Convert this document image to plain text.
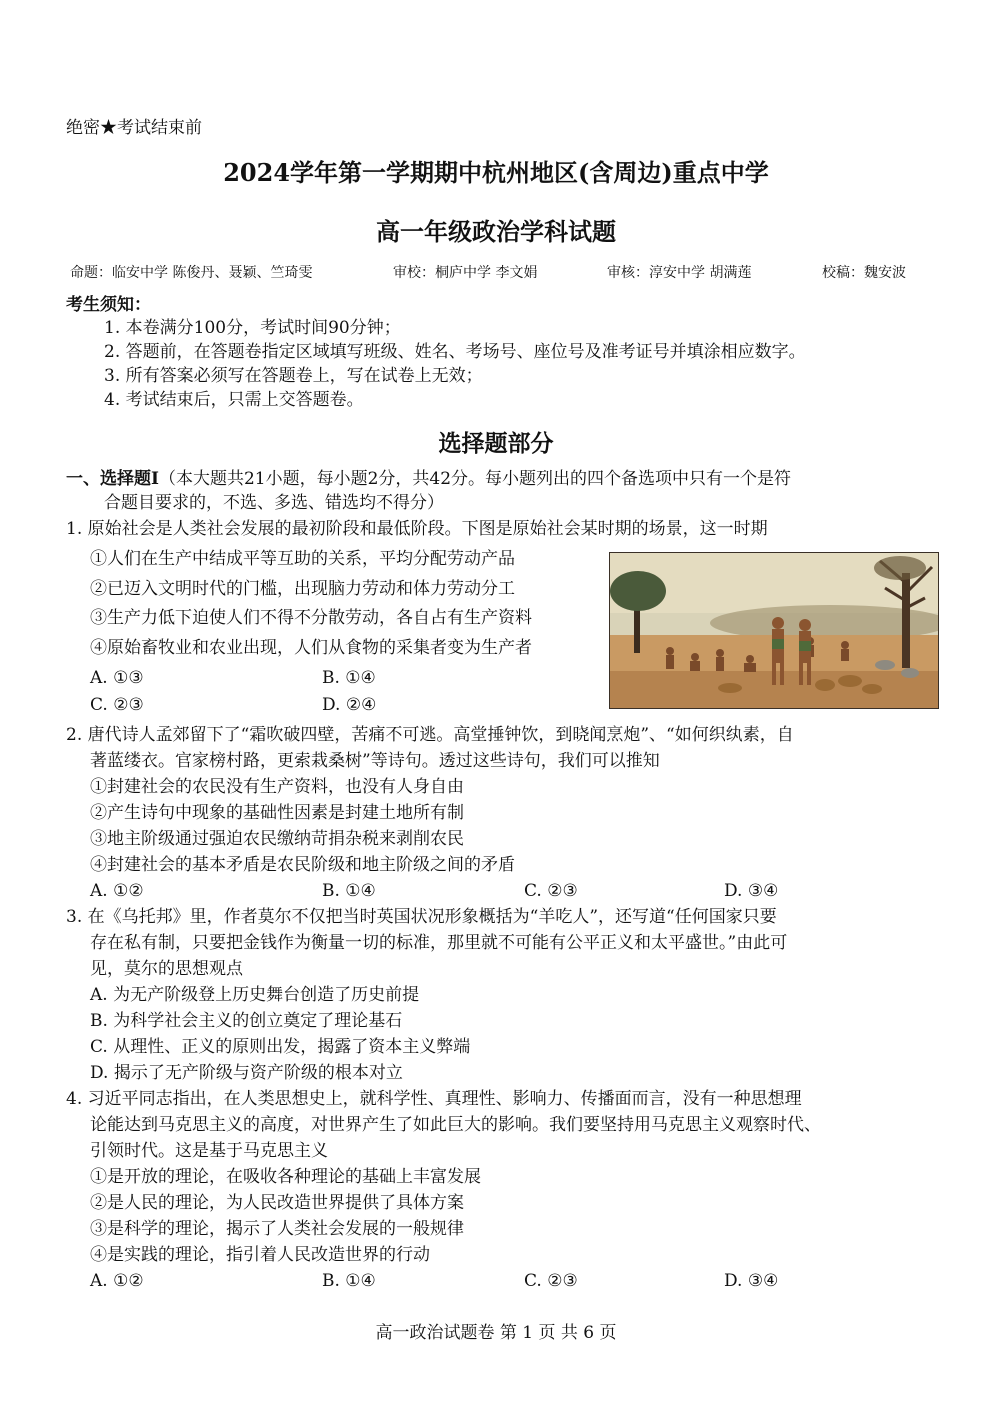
绝密★考试结束前
2024学年第一学期期中杭州地区(含周边)重点中学
高一年级政治学科试题
命题：临安中学 陈俊丹、聂颖、竺琦雯	审校：桐庐中学 李文娟	审核：淳安中学 胡满莲	校稿：魏安波
考生须知：
1. 本卷满分100分，考试时间90分钟；
2. 答题前，在答题卷指定区域填写班级、姓名、考场号、座位号及准考证号并填涂相应数字。
3. 所有答案必须写在答题卷上，写在试卷上无效；
4. 考试结束后，只需上交答题卷。
选择题部分
一、选择题Ⅰ（本大题共21小题，每小题2分，共42分。每小题列出的四个备选项中只有一个是符
合题目要求的，不选、多选、错选均不得分）
1. 原始社会是人类社会发展的最初阶段和最低阶段。下图是原始社会某时期的场景，这一时期
①人们在生产中结成平等互助的关系，平均分配劳动产品
②已迈入文明时代的门槛，出现脑力劳动和体力劳动分工
③生产力低下迫使人们不得不分散劳动，各自占有生产资料
④原始畜牧业和农业出现，人们从食物的采集者变为生产者
A. ①③	B. ①④
C. ②③	D. ②④
2. 唐代诗人孟郊留下了“霜吹破四壁，苦痛不可逃。高堂捶钟饮，到晓闻烹炮”、“如何织纨素，自
著蓝缕衣。官家榜村路，更索栽桑树”等诗句。透过这些诗句，我们可以推知
①封建社会的农民没有生产资料，也没有人身自由
②产生诗句中现象的基础性因素是封建土地所有制
③地主阶级通过强迫农民缴纳苛捐杂税来剥削农民
④封建社会的基本矛盾是农民阶级和地主阶级之间的矛盾
A. ①②	B. ①④	C. ②③	D. ③④
3. 在《乌托邦》里，作者莫尔不仅把当时英国状况形象概括为“羊吃人”，还写道“任何国家只要
存在私有制，只要把金钱作为衡量一切的标准，那里就不可能有公平正义和太平盛世。”由此可
见，莫尔的思想观点
A. 为无产阶级登上历史舞台创造了历史前提
B. 为科学社会主义的创立奠定了理论基石
C. 从理性、正义的原则出发，揭露了资本主义弊端
D. 揭示了无产阶级与资产阶级的根本对立
4. 习近平同志指出，在人类思想史上，就科学性、真理性、影响力、传播面而言，没有一种思想理
论能达到马克思主义的高度，对世界产生了如此巨大的影响。我们要坚持用马克思主义观察时代、
引领时代。这是基于马克思主义
①是开放的理论，在吸收各种理论的基础上丰富发展
②是人民的理论，为人民改造世界提供了具体方案
③是科学的理论，揭示了人类社会发展的一般规律
④是实践的理论，指引着人民改造世界的行动
A. ①②	B. ①④	C. ②③	D. ③④
高一政治试题卷 第 1 页 共 6 页
